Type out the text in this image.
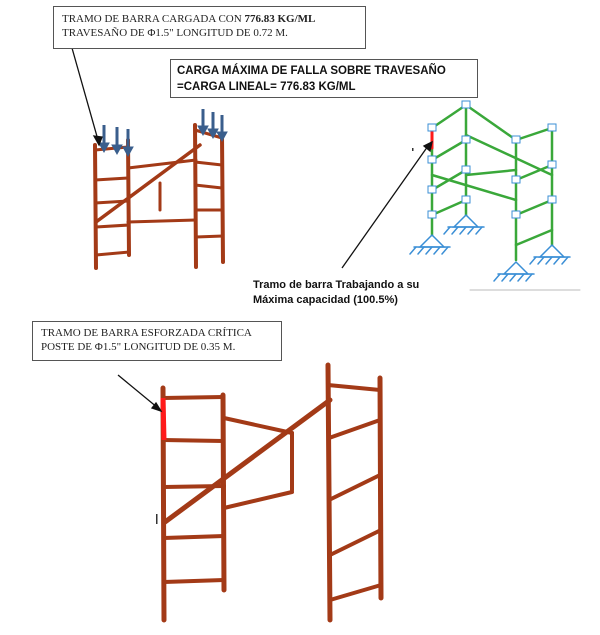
TRAMO DE BARRA CARGADA CON 776.83 KG/ML
TRAVESAÑO DE Φ1.5" LONGITUD DE 0.72 M.
CARGA MÁXIMA DE FALLA SOBRE TRAVESAÑO
=CARGA LINEAL= 776.83 KG/ML
Tramo de barra Trabajando a su
Máxima capacidad (100.5%)
TRAMO DE BARRA ESFORZADA CRÍTICA
POSTE DE Φ1.5" LONGITUD DE 0.35 M.
